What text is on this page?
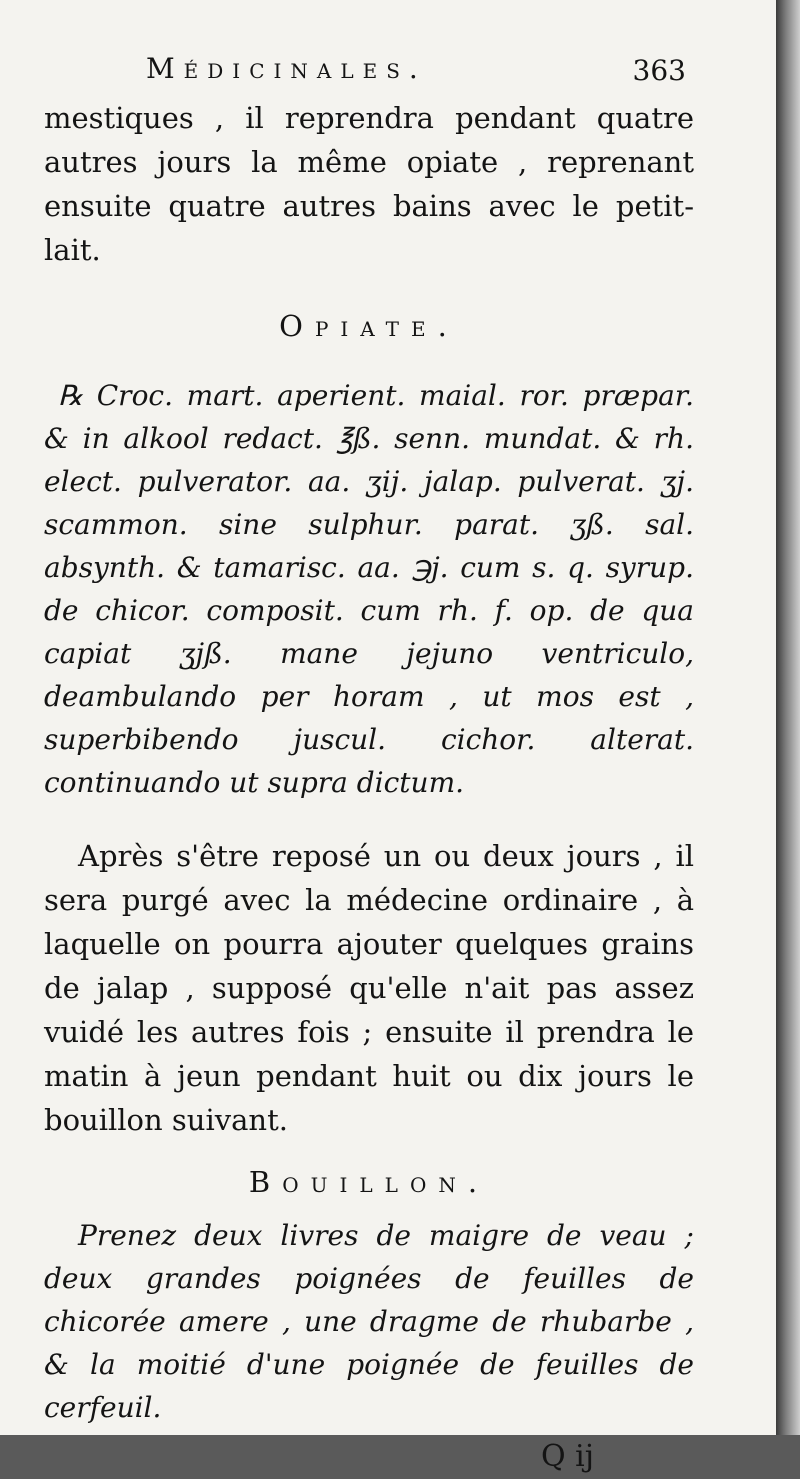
Médicinales.	363

mestiques , il reprendra pendant quatre autres jours la même opiate , reprenant ensuite quatre autres bains avec le petit-lait.

Opiate.

℞ Croc. mart. aperient. maial. ror. præpar. & in alkool redact. ℥ß. senn. mundat. & rh. elect. pulverator. aa. ʒij. jalap. pulverat. ʒj. scammon. sine sulphur. parat. ʒß. sal. absynth. & tamarisc. aa. ℈j. cum s. q. syrup. de chicor. composit. cum rh. f. op. de qua capiat ʒjß. mane jejuno ventriculo, deambulando per horam , ut mos est , superbibendo juscul. cichor. alterat. continuando ut supra dictum.

Après s'être reposé un ou deux jours , il sera purgé avec la médecine ordinaire , à laquelle on pourra ajouter quelques grains de jalap , supposé qu'elle n'ait pas assez vuidé les autres fois ; ensuite il prendra le matin à jeun pendant huit ou dix jours le bouillon suivant.

Bouillon.

Prenez deux livres de maigre de veau ; deux grandes poignées de feuilles de chicorée amere , une dragme de rhubarbe , & la moitié d'une poignée de feuilles de cerfeuil.

Q ij
